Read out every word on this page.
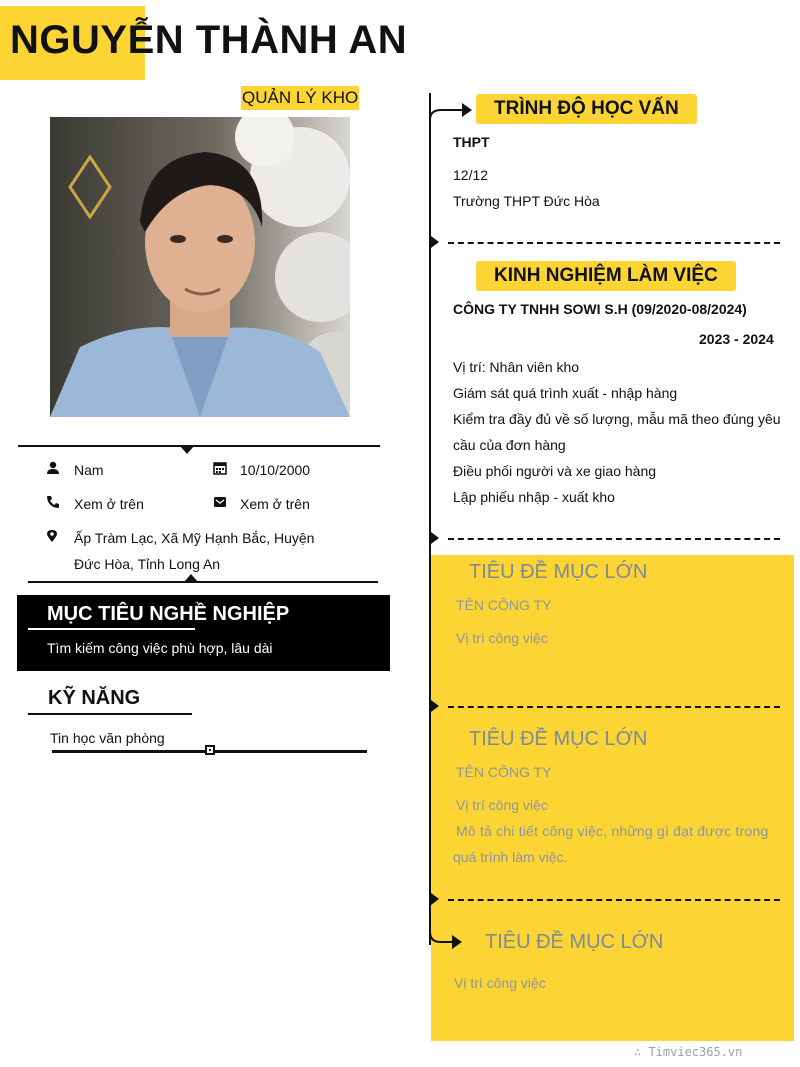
NGUYỄN THÀNH AN
QUẢN LÝ KHO
Nam	10/10/2000
Xem ở trên	Xem ở trên
Ấp Tràm Lạc, Xã Mỹ Hạnh Bắc, Huyện
Đức Hòa, Tỉnh Long An
MỤC TIÊU NGHỀ NGHIỆP
Tìm kiếm công việc phù hợp, lâu dài
KỸ NĂNG
Tin học văn phòng
TRÌNH ĐỘ HỌC VẤN
THPT
12/12
Trường THPT Đức Hòa
KINH NGHIỆM LÀM VIỆC
CÔNG TY TNHH SOWI S.H (09/2020-08/2024)
2023 - 2024
Vị trí: Nhân viên kho
Giám sát quá trình xuất - nhập hàng
Kiểm tra đầy đủ về số lượng, mẫu mã theo đúng yêu
cầu của đơn hàng
Điều phối người và xe giao hàng
Lập phiếu nhập - xuất kho
TIÊU ĐỀ MỤC LỚN
TÊN CÔNG TY
Vị trí công việc
TIÊU ĐỀ MỤC LỚN
TÊN CÔNG TY
Vị trí công việc
Mô tả chi tiết công việc, những gì đạt được trong
quá trình làm việc.
TIÊU ĐỀ MỤC LỚN
Vị trí công việc
∴ Timviec365.vn
